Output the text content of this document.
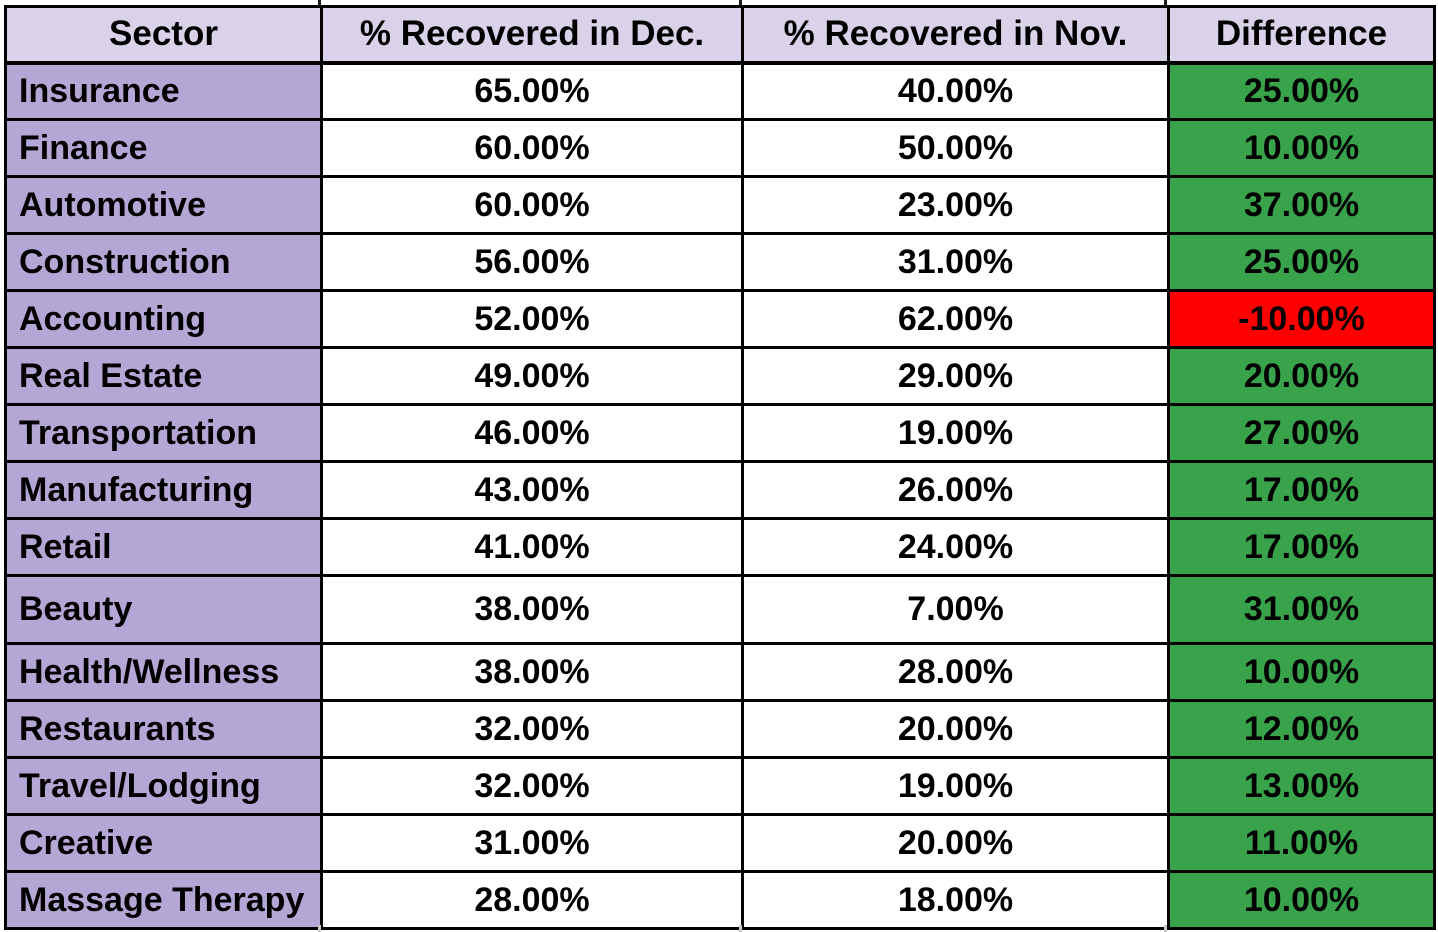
Sector	% Recovered in Dec.	% Recovered in Nov.	Difference
Insurance	65.00%	40.00%	25.00%
Finance	60.00%	50.00%	10.00%
Automotive	60.00%	23.00%	37.00%
Construction	56.00%	31.00%	25.00%
Accounting	52.00%	62.00%	-10.00%
Real Estate	49.00%	29.00%	20.00%
Transportation	46.00%	19.00%	27.00%
Manufacturing	43.00%	26.00%	17.00%
Retail	41.00%	24.00%	17.00%
Beauty	38.00%	7.00%	31.00%
Health/Wellness	38.00%	28.00%	10.00%
Restaurants	32.00%	20.00%	12.00%
Travel/Lodging	32.00%	19.00%	13.00%
Creative	31.00%	20.00%	11.00%
Massage Therapy	28.00%	18.00%	10.00%
